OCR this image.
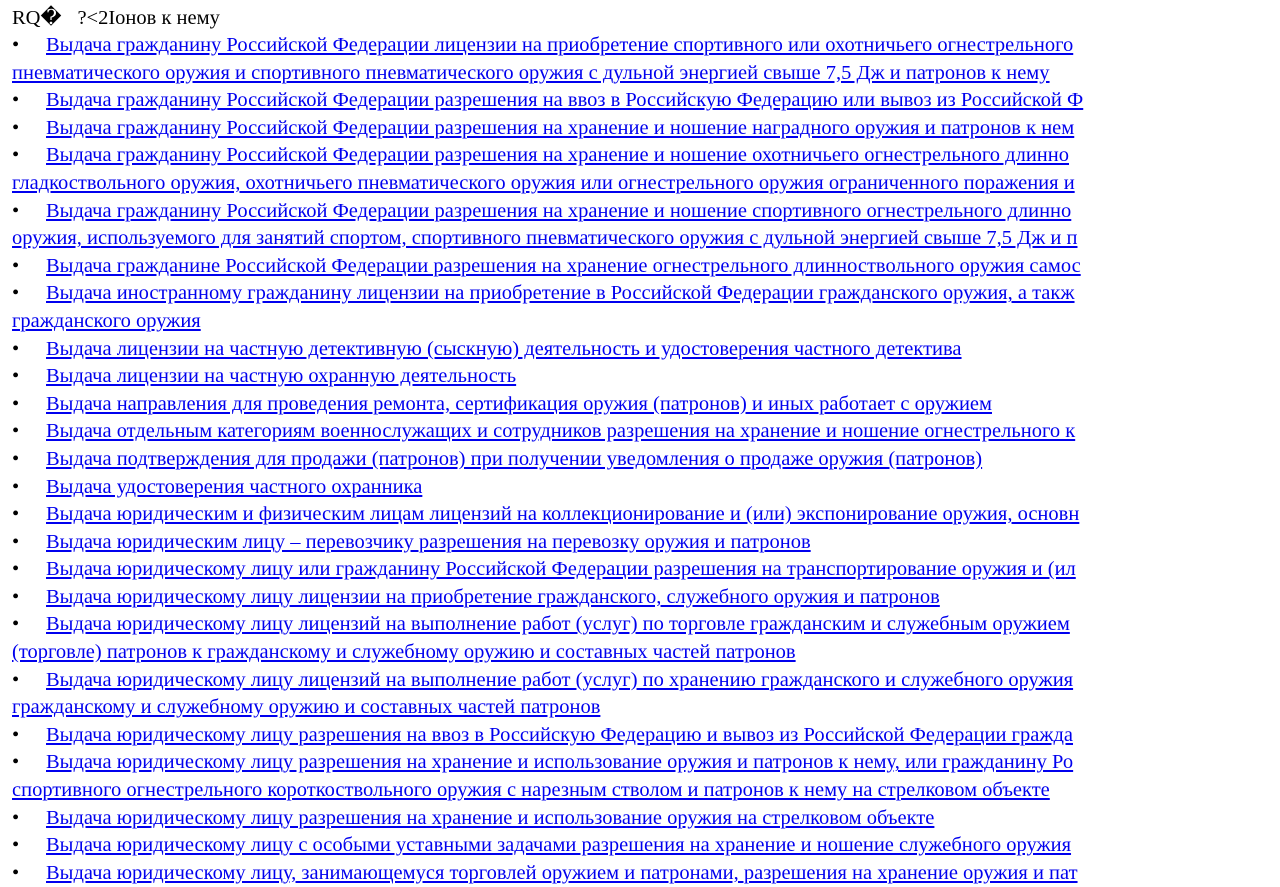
RQ� ?<2Iонов к нему
•	Выдача гражданину Российской Федерации лицензии на приобретение спортивного или охотничьего огнестрельного
пневматического оружия и спортивного пневматического оружия с дульной энергией свыше 7,5 Дж и патронов к нему
•	Выдача гражданину Российской Федерации разрешения на ввоз в Российскую Федерацию или вывоз из Российской Ф
•	Выдача гражданину Российской Федерации разрешения на хранение и ношение наградного оружия и патронов к нем
•	Выдача гражданину Российской Федерации разрешения на хранение и ношение охотничьего огнестрельного длинно
гладкоствольного оружия, охотничьего пневматического оружия или огнестрельного оружия ограниченного поражения и
•	Выдача гражданину Российской Федерации разрешения на хранение и ношение спортивного огнестрельного длинно
оружия, используемого для занятий спортом, спортивного пневматического оружия с дульной энергией свыше 7,5 Дж и п
•	Выдача гражданине Российской Федерации разрешения на хранение огнестрельного длинноствольного оружия самос
•	Выдача иностранному гражданину лицензии на приобретение в Российской Федерации гражданского оружия, а такж
гражданского оружия
•	Выдача лицензии на частную детективную (сыскную) деятельность и удостоверения частного детектива
•	Выдача лицензии на частную охранную деятельность
•	Выдача направления для проведения ремонта, сертификация оружия (патронов) и иных работает с оружием
•	Выдача отдельным категориям военнослужащих и сотрудников разрешения на хранение и ношение огнестрельного к
•	Выдача подтверждения для продажи (патронов) при получении уведомления о продаже оружия (патронов)
•	Выдача удостоверения частного охранника
•	Выдача юридическим и физическим лицам лицензий на коллекционирование и (или) экспонирование оружия, основн
•	Выдача юридическим лицу – перевозчику разрешения на перевозку оружия и патронов
•	Выдача юридическому лицу или гражданину Российской Федерации разрешения на транспортирование оружия и (ил
•	Выдача юридическому лицу лицензии на приобретение гражданского, служебного оружия и патронов
•	Выдача юридическому лицу лицензий на выполнение работ (услуг) по торговле гражданским и служебным оружием
(торговле) патронов к гражданскому и служебному оружию и составных частей патронов
•	Выдача юридическому лицу лицензий на выполнение работ (услуг) по хранению гражданского и служебного оружия
гражданскому и служебному оружию и составных частей патронов
•	Выдача юридическому лицу разрешения на ввоз в Российскую Федерацию и вывоз из Российской Федерации гражда
•	Выдача юридическому лицу разрешения на хранение и использование оружия и патронов к нему, или гражданину Ро
спортивного огнестрельного короткоствольного оружия с нарезным стволом и патронов к нему на стрелковом объекте
•	Выдача юридическому лицу разрешения на хранение и использование оружия на стрелковом объекте
•	Выдача юридическому лицу с особыми уставными задачами разрешения на хранение и ношение служебного оружия
•	Выдача юридическому лицу, занимающемуся торговлей оружием и патронами, разрешения на хранение оружия и пат
